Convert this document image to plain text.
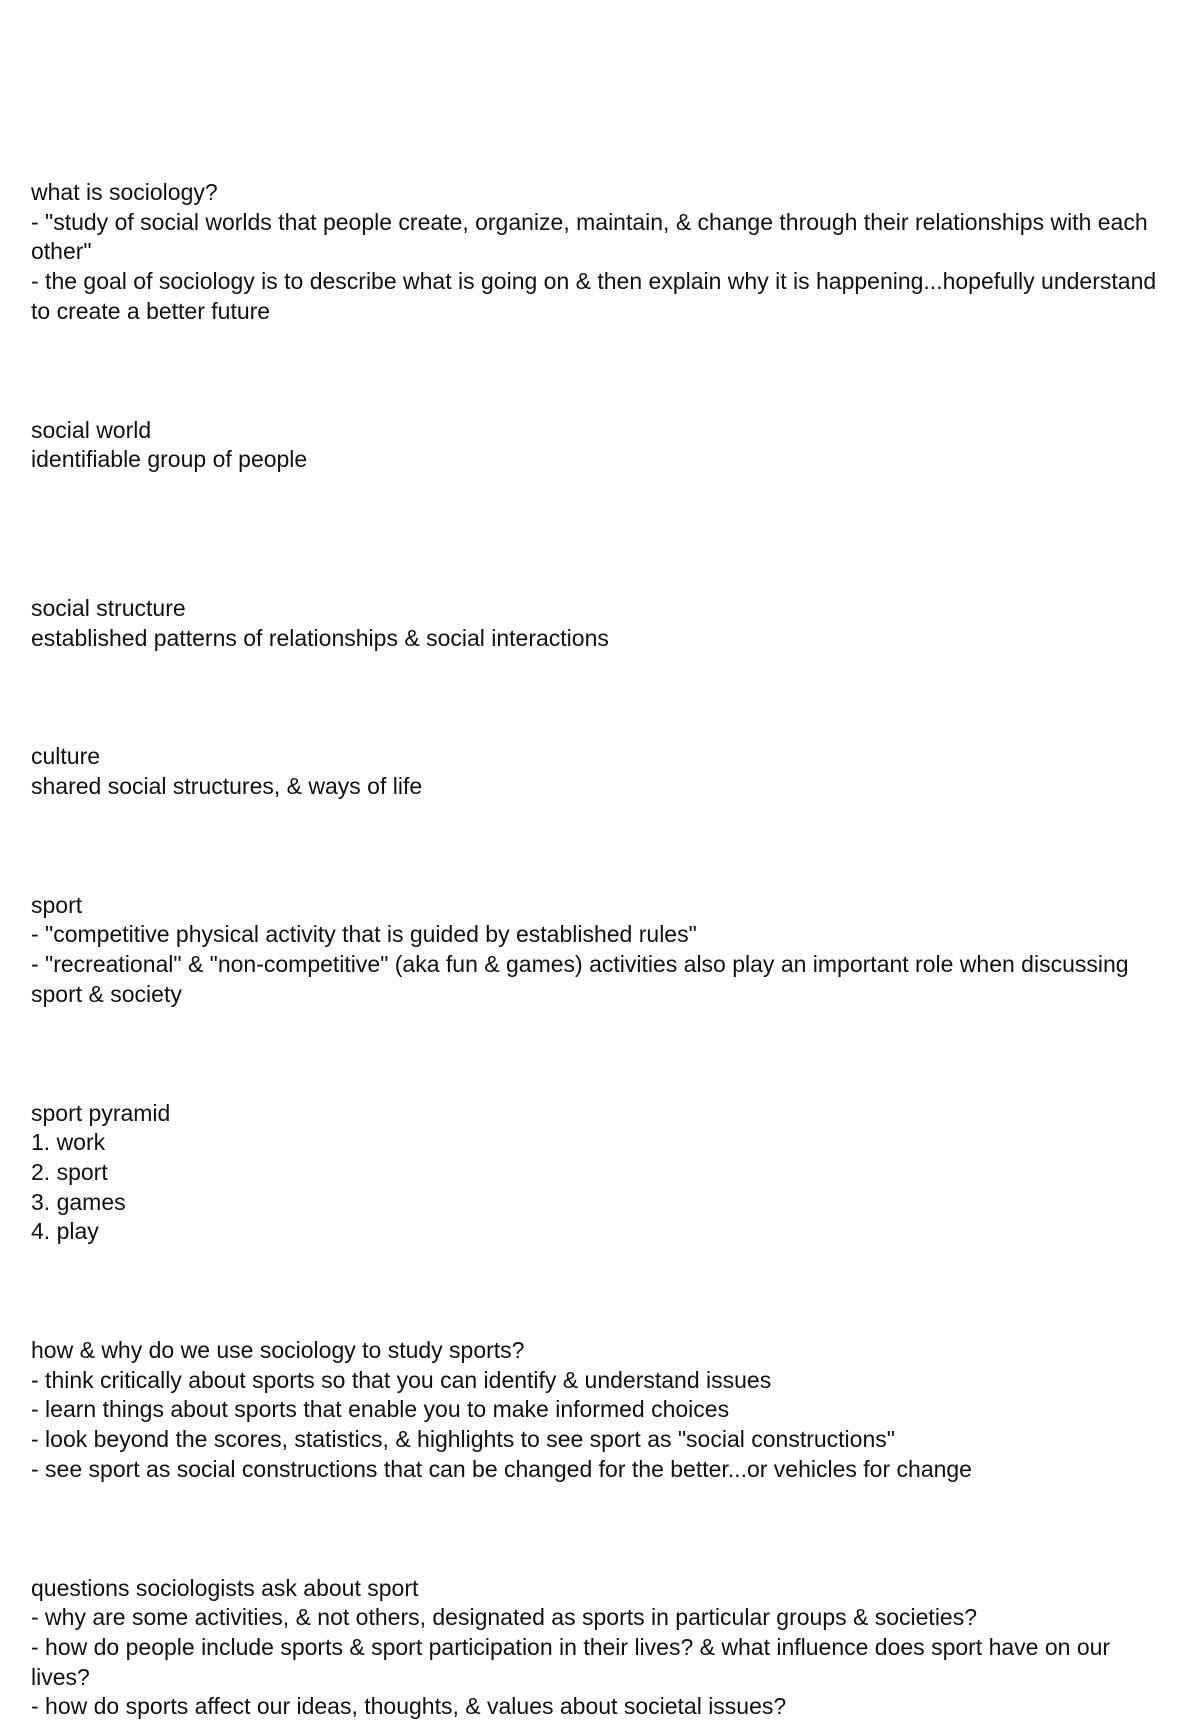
what is sociology?

- "study of social worlds that people create, organize, maintain, & change through their relationships with each other"

- the goal of sociology is to describe what is going on & then explain why it is happening...hopefully understand to create a better future

social world

identifiable group of people

social structure

established patterns of relationships & social interactions

culture

shared social structures, & ways of life

sport

- "competitive physical activity that is guided by established rules"

- "recreational" & "non-competitive" (aka fun & games) activities also play an important role when discussing sport & society

sport pyramid

1. work

2. sport

3. games

4. play

how & why do we use sociology to study sports?

- think critically about sports so that you can identify & understand issues

- learn things about sports that enable you to make informed choices

- look beyond the scores, statistics, & highlights to see sport as "social constructions"

- see sport as social constructions that can be changed for the better...or vehicles for change

questions sociologists ask about sport

- why are some activities, & not others, designated as sports in particular groups & societies?

- how do people include sports & sport participation in their lives? & what influence does sport have on our lives?

- how do sports affect our ideas, thoughts, & values about societal issues?
